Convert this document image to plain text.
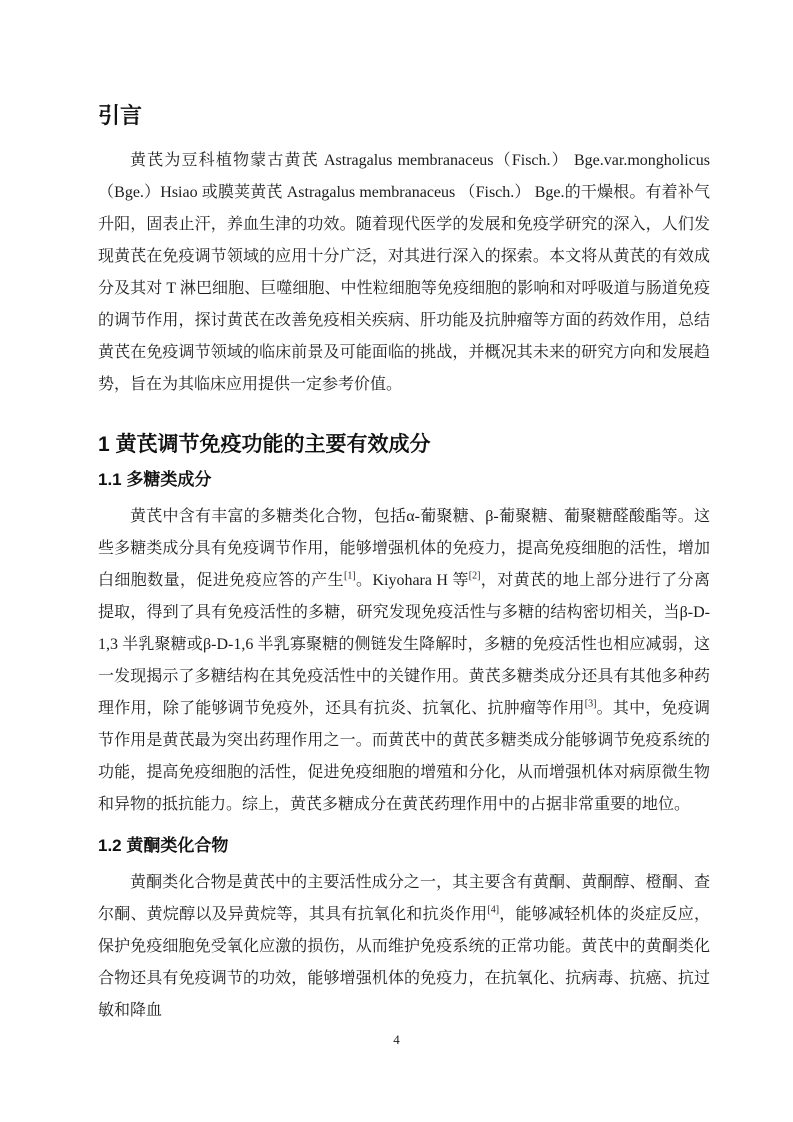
引言

黄芪为豆科植物蒙古黄芪 Astragalus membranaceus（Fisch.） Bge.var.mongholicus（Bge.）Hsiao 或膜荚黄芪 Astragalus membranaceus （Fisch.） Bge.的干燥根。有着补气升阳，固表止汗，养血生津的功效。随着现代医学的发展和免疫学研究的深入，人们发现黄芪在免疫调节领域的应用十分广泛，对其进行深入的探索。本文将从黄芪的有效成分及其对 T 淋巴细胞、巨噬细胞、中性粒细胞等免疫细胞的影响和对呼吸道与肠道免疫的调节作用，探讨黄芪在改善免疫相关疾病、肝功能及抗肿瘤等方面的药效作用，总结黄芪在免疫调节领域的临床前景及可能面临的挑战，并概况其未来的研究方向和发展趋势，旨在为其临床应用提供一定参考价值。

1 黄芪调节免疫功能的主要有效成分
1.1 多糖类成分

黄芪中含有丰富的多糖类化合物，包括α-葡聚糖、β-葡聚糖、葡聚糖醛酸酯等。这些多糖类成分具有免疫调节作用，能够增强机体的免疫力，提高免疫细胞的活性，增加白细胞数量，促进免疫应答的产生[1]。Kiyohara H 等[2]，对黄芪的地上部分进行了分离提取，得到了具有免疫活性的多糖，研究发现免疫活性与多糖的结构密切相关，当β-D-1,3 半乳聚糖或β-D-1,6 半乳寡聚糖的侧链发生降解时，多糖的免疫活性也相应减弱，这一发现揭示了多糖结构在其免疫活性中的关键作用。黄芪多糖类成分还具有其他多种药理作用，除了能够调节免疫外，还具有抗炎、抗氧化、抗肿瘤等作用[3]。其中，免疫调节作用是黄芪最为突出药理作用之一。而黄芪中的黄芪多糖类成分能够调节免疫系统的功能，提高免疫细胞的活性，促进免疫细胞的增殖和分化，从而增强机体对病原微生物和异物的抵抗能力。综上，黄芪多糖成分在黄芪药理作用中的占据非常重要的地位。

1.2 黄酮类化合物

黄酮类化合物是黄芪中的主要活性成分之一，其主要含有黄酮、黄酮醇、橙酮、查尔酮、黄烷醇以及异黄烷等，其具有抗氧化和抗炎作用[4]，能够减轻机体的炎症反应，保护免疫细胞免受氧化应激的损伤，从而维护免疫系统的正常功能。黄芪中的黄酮类化合物还具有免疫调节的功效，能够增强机体的免疫力，在抗氧化、抗病毒、抗癌、抗过敏和降血

4
